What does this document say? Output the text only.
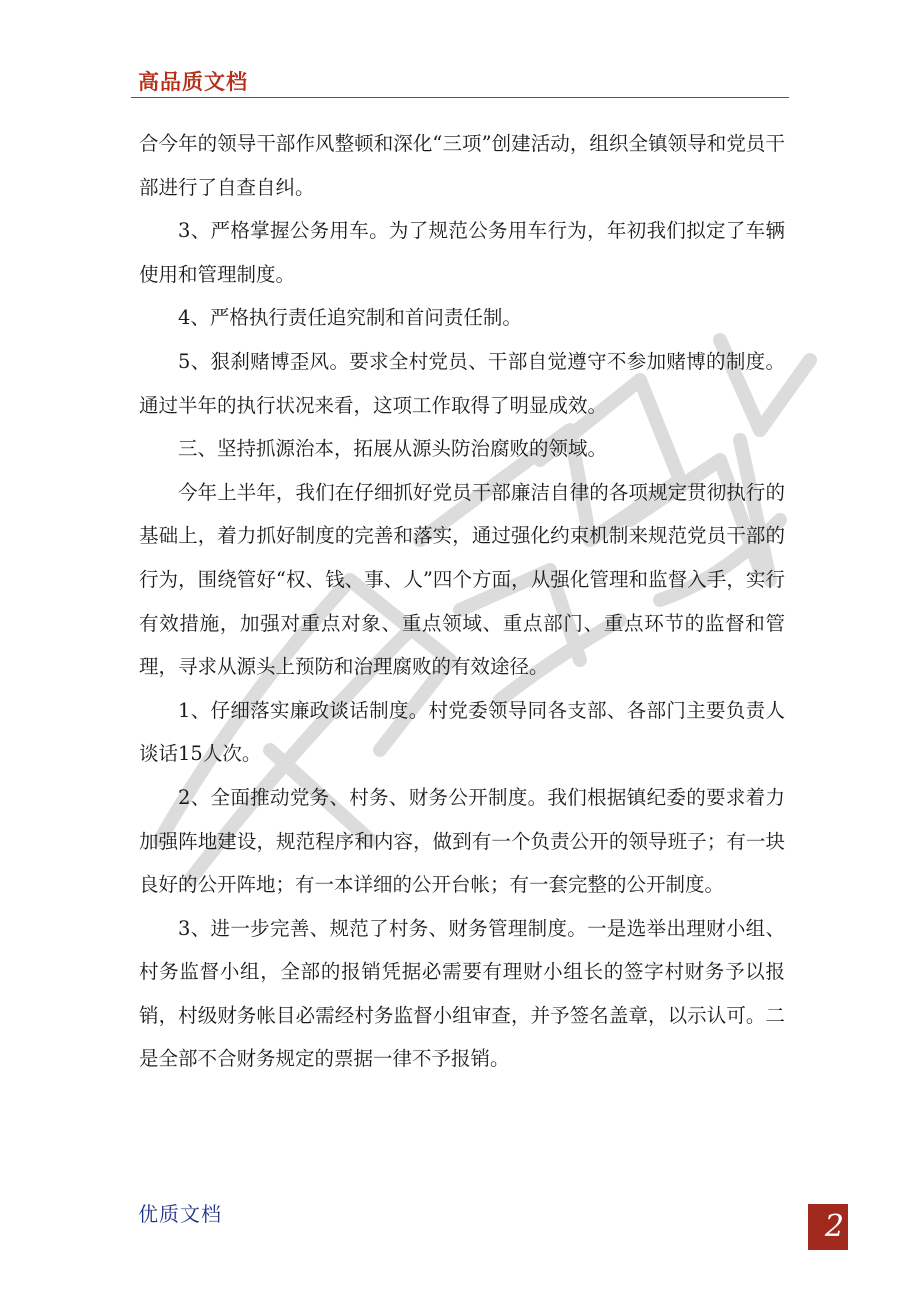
高品质文档

合今年的领导干部作风整顿和深化“三项”创建活动，组织全镇领导和党员干部进行了自查自纠。

3、严格掌握公务用车。为了规范公务用车行为，年初我们拟定了车辆使用和管理制度。

4、严格执行责任追究制和首问责任制。

5、狠刹赌博歪风。要求全村党员、干部自觉遵守不参加赌博的制度。通过半年的执行状况来看，这项工作取得了明显成效。

三、坚持抓源治本，拓展从源头防治腐败的领域。

今年上半年，我们在仔细抓好党员干部廉洁自律的各项规定贯彻执行的基础上，着力抓好制度的完善和落实，通过强化约束机制来规范党员干部的行为，围绕管好“权、钱、事、人”四个方面，从强化管理和监督入手，实行有效措施，加强对重点对象、重点领域、重点部门、重点环节的监督和管理，寻求从源头上预防和治理腐败的有效途径。

1、仔细落实廉政谈话制度。村党委领导同各支部、各部门主要负责人谈话15人次。

2、全面推动党务、村务、财务公开制度。我们根据镇纪委的要求着力加强阵地建设，规范程序和内容，做到有一个负责公开的领导班子；有一块良好的公开阵地；有一本详细的公开台帐；有一套完整的公开制度。

3、进一步完善、规范了村务、财务管理制度。一是选举出理财小组、村务监督小组，全部的报销凭据必需要有理财小组长的签字村财务予以报销，村级财务帐目必需经村务监督小组审查，并予签名盖章，以示认可。二是全部不合财务规定的票据一律不予报销。

优质文档	2
